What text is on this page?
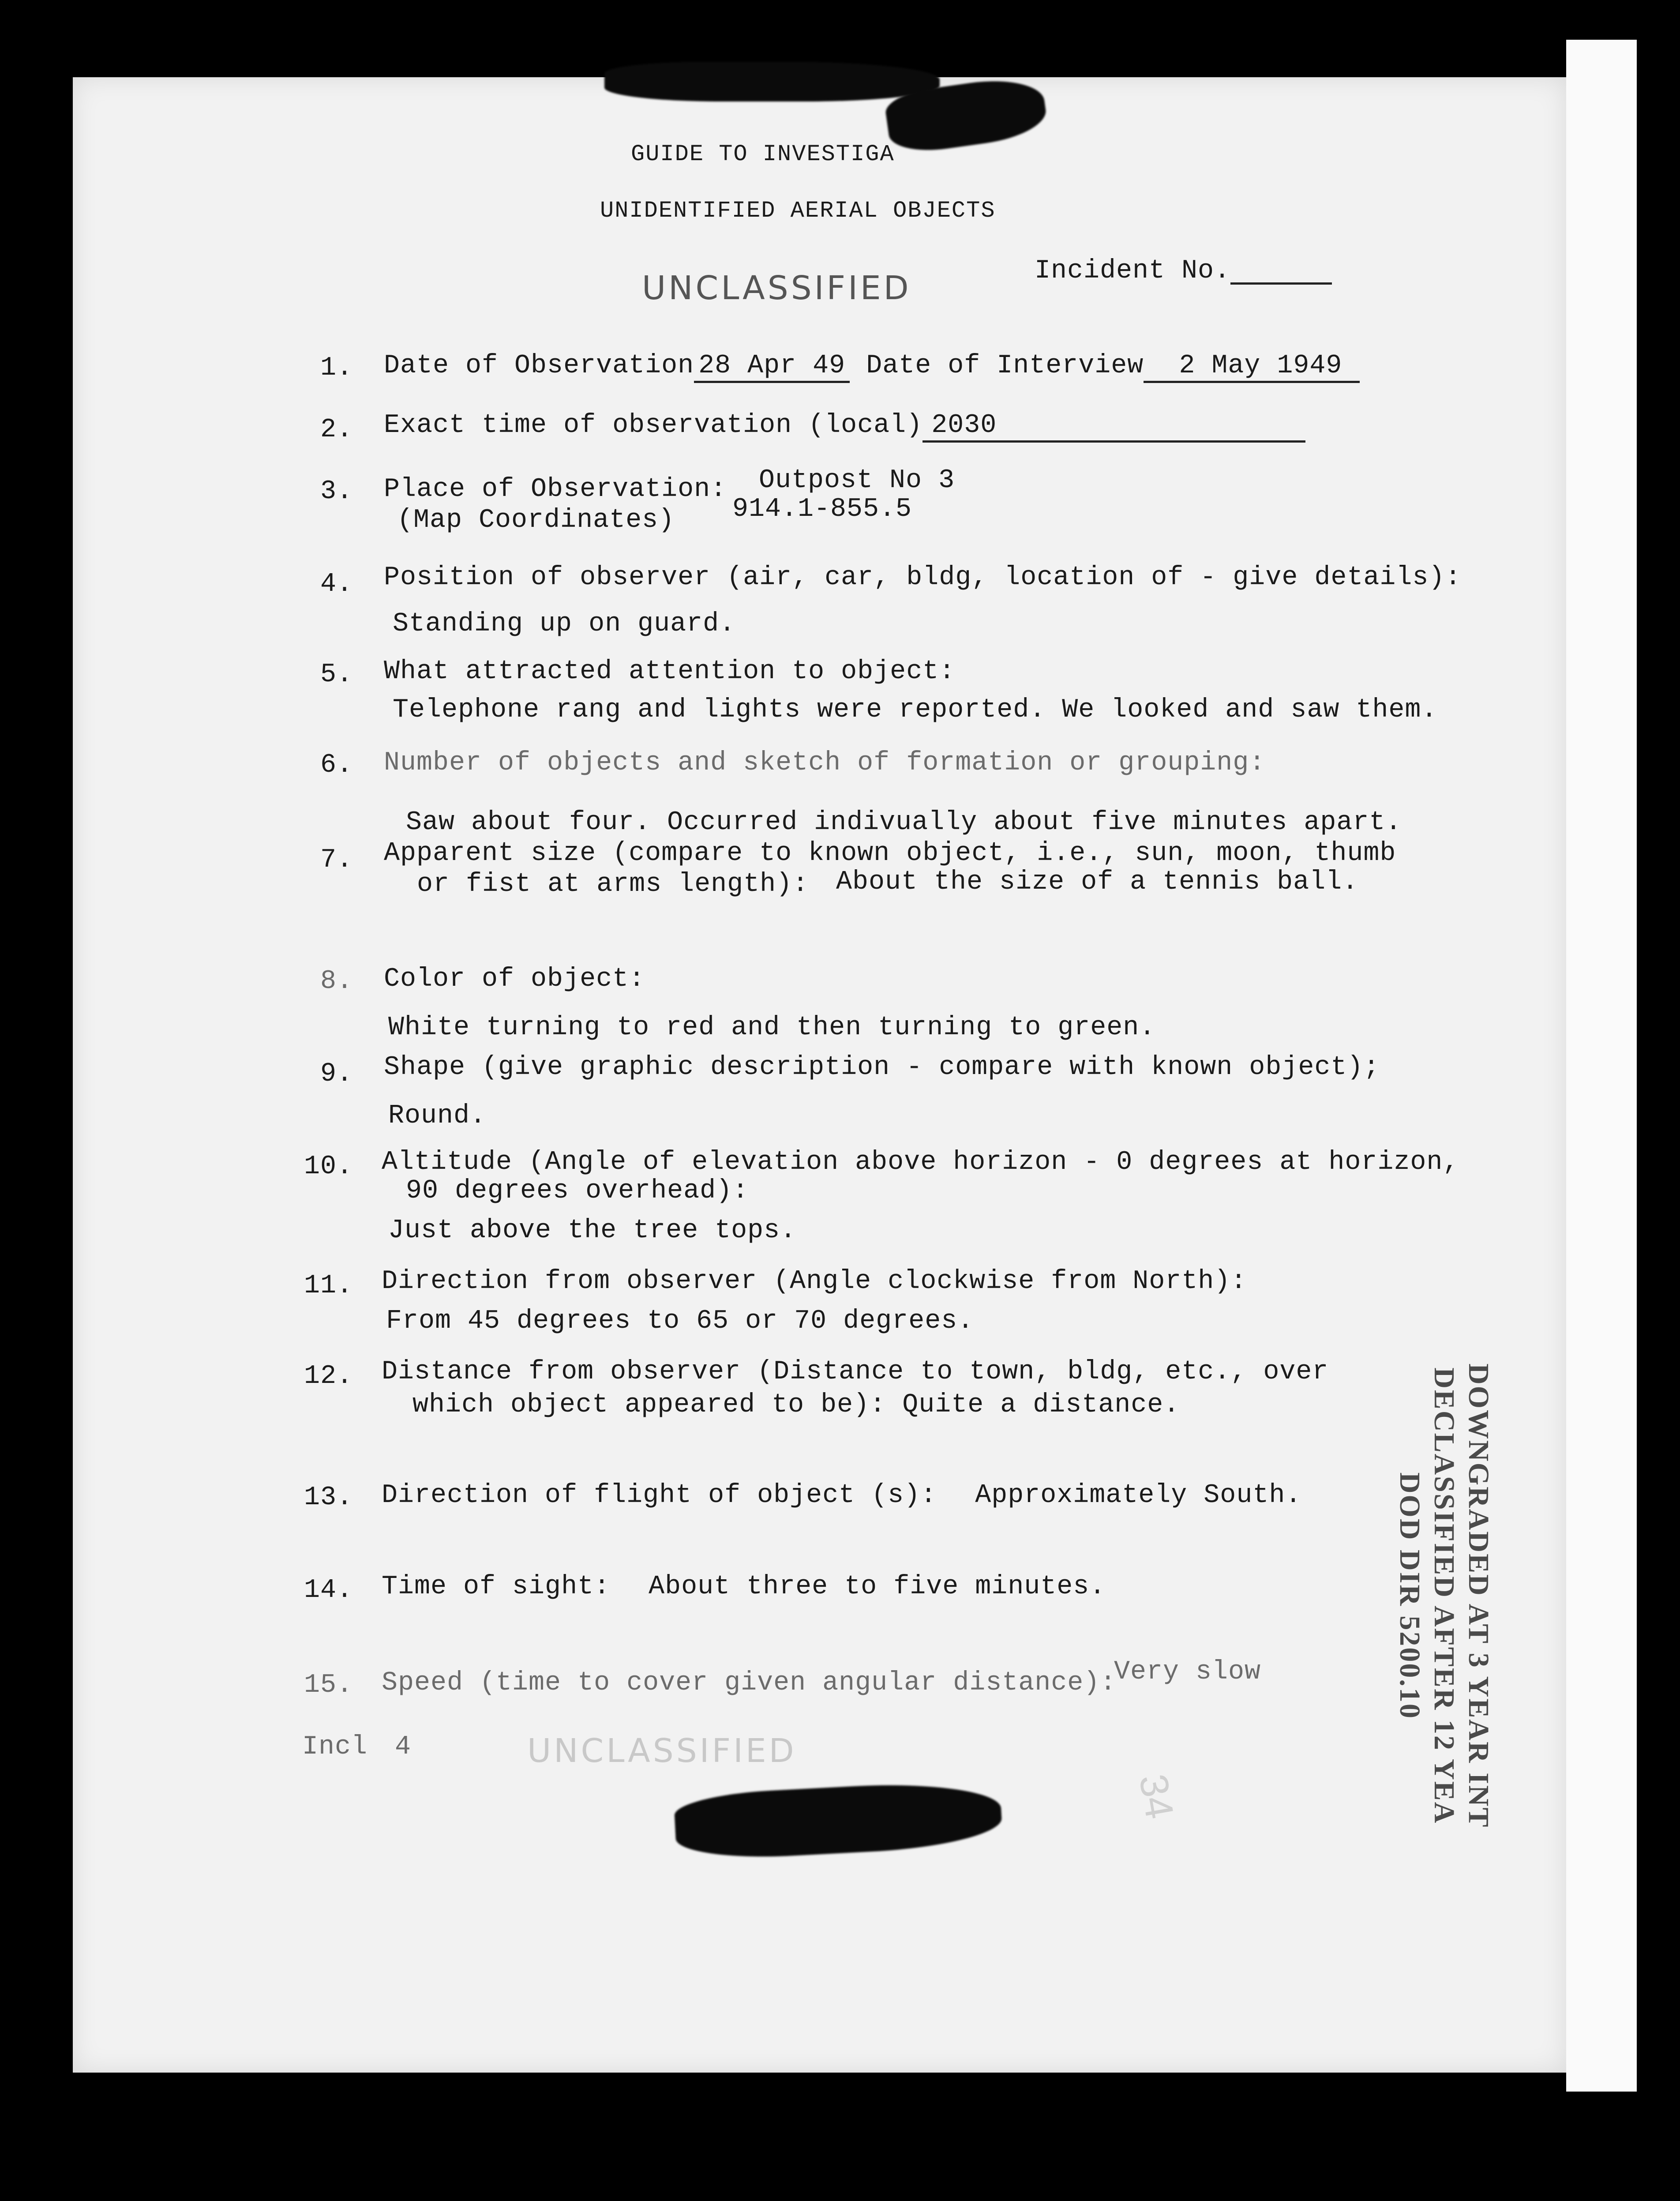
GUIDE TO INVESTIGA
UNIDENTIFIED AERIAL OBJECTS
UNCLASSIFIED	Incident No.
1. Date of Observation 28 Apr 49 Date of Interview 2 May 1949
2. Exact time of observation (local) 2030
3. Place of Observation:
(Map Coordinates)
Outpost No 3
914.1-855.5
4. Position of observer (air, car, bldg, location of - give details):
Standing up on guard.
5. What attracted attention to object:
Telephone rang and lights were reported. We looked and saw them.
6. Number of objects and sketch of formation or grouping:
Saw about four. Occurred indivually about five minutes apart.
7. Apparent size (compare to known object, i.e., sun, moon, thumb
or fist at arms length): About the size of a tennis ball.
8. Color of object:
White turning to red and then turning to green.
9. Shape (give graphic description - compare with known object);
Round.
10. Altitude (Angle of elevation above horizon - 0 degrees at horizon,
90 degrees overhead):
Just above the tree tops.
11. Direction from observer (Angle clockwise from North):
From 45 degrees to 65 or 70 degrees.
12. Distance from observer (Distance to town, bldg, etc., over
which object appeared to be): Quite a distance.
13. Direction of flight of object (s): Approximately South.
14. Time of sight: About three to five minutes.
15. Speed (time to cover given angular distance):
Very slow
Incl 4	UNCLASSIFIED	DOWNGRADED AT 3 YEAR INT
DECLASSIFIED AFTER 12 YEA
DOD DIR 5200.10
34
